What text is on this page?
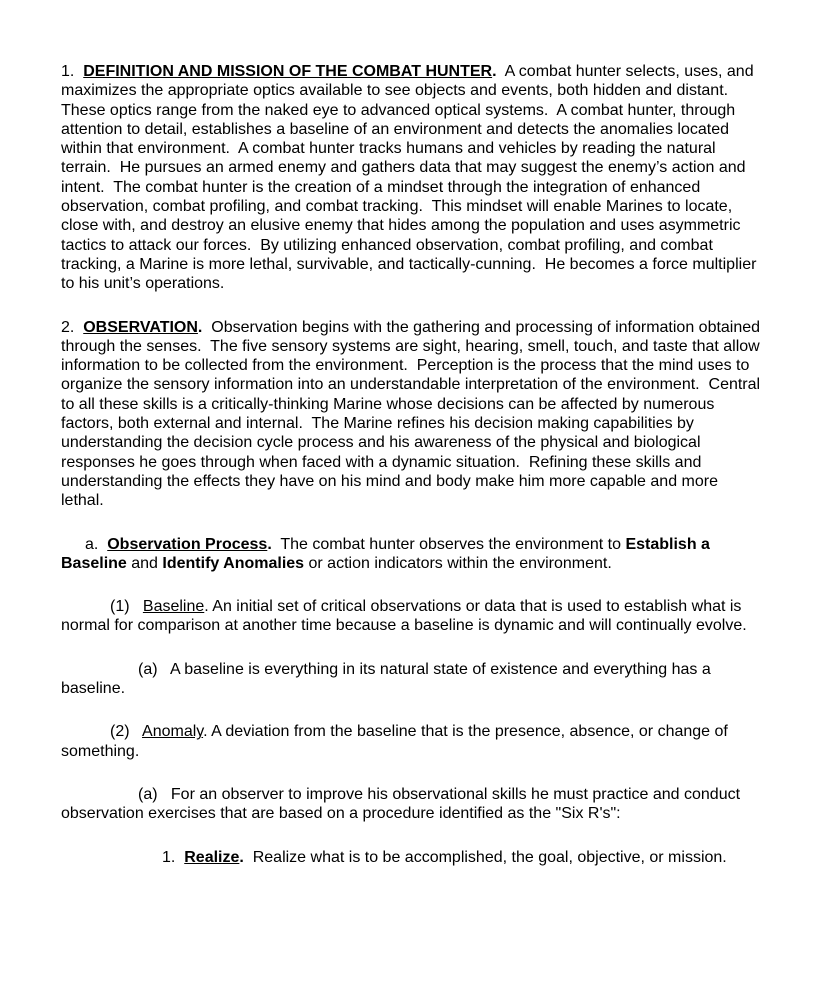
1.  DEFINITION AND MISSION OF THE COMBAT HUNTER.  A combat hunter selects, uses, and maximizes the appropriate optics available to see objects and events, both hidden and distant.  These optics range from the naked eye to advanced optical systems.  A combat hunter, through attention to detail, establishes a baseline of an environment and detects the anomalies located within that environment.  A combat hunter tracks humans and vehicles by reading the natural terrain.  He pursues an armed enemy and gathers data that may suggest the enemy’s action and intent.  The combat hunter is the creation of a mindset through the integration of enhanced observation, combat profiling, and combat tracking.  This mindset will enable Marines to locate, close with, and destroy an elusive enemy that hides among the population and uses asymmetric tactics to attack our forces.  By utilizing enhanced observation, combat profiling, and combat tracking, a Marine is more lethal, survivable, and tactically-cunning.  He becomes a force multiplier to his unit’s operations.

2.  OBSERVATION.  Observation begins with the gathering and processing of information obtained through the senses.  The five sensory systems are sight, hearing, smell, touch, and taste that allow information to be collected from the environment.  Perception is the process that the mind uses to organize the sensory information into an understandable interpretation of the environment.  Central to all these skills is a critically-thinking Marine whose decisions can be affected by numerous factors, both external and internal.  The Marine refines his decision making capabilities by understanding the decision cycle process and his awareness of the physical and biological responses he goes through when faced with a dynamic situation.  Refining these skills and understanding the effects they have on his mind and body make him more capable and more lethal.

a.  Observation Process.  The combat hunter observes the environment to Establish a Baseline and Identify Anomalies or action indicators within the environment.

(1)   Baseline. An initial set of critical observations or data that is used to establish what is normal for comparison at another time because a baseline is dynamic and will continually evolve.

(a)   A baseline is everything in its natural state of existence and everything has a baseline.

(2)   Anomaly. A deviation from the baseline that is the presence, absence, or change of something.

(a)   For an observer to improve his observational skills he must practice and conduct observation exercises that are based on a procedure identified as the "Six R's":

1.  Realize.  Realize what is to be accomplished, the goal, objective, or mission.
